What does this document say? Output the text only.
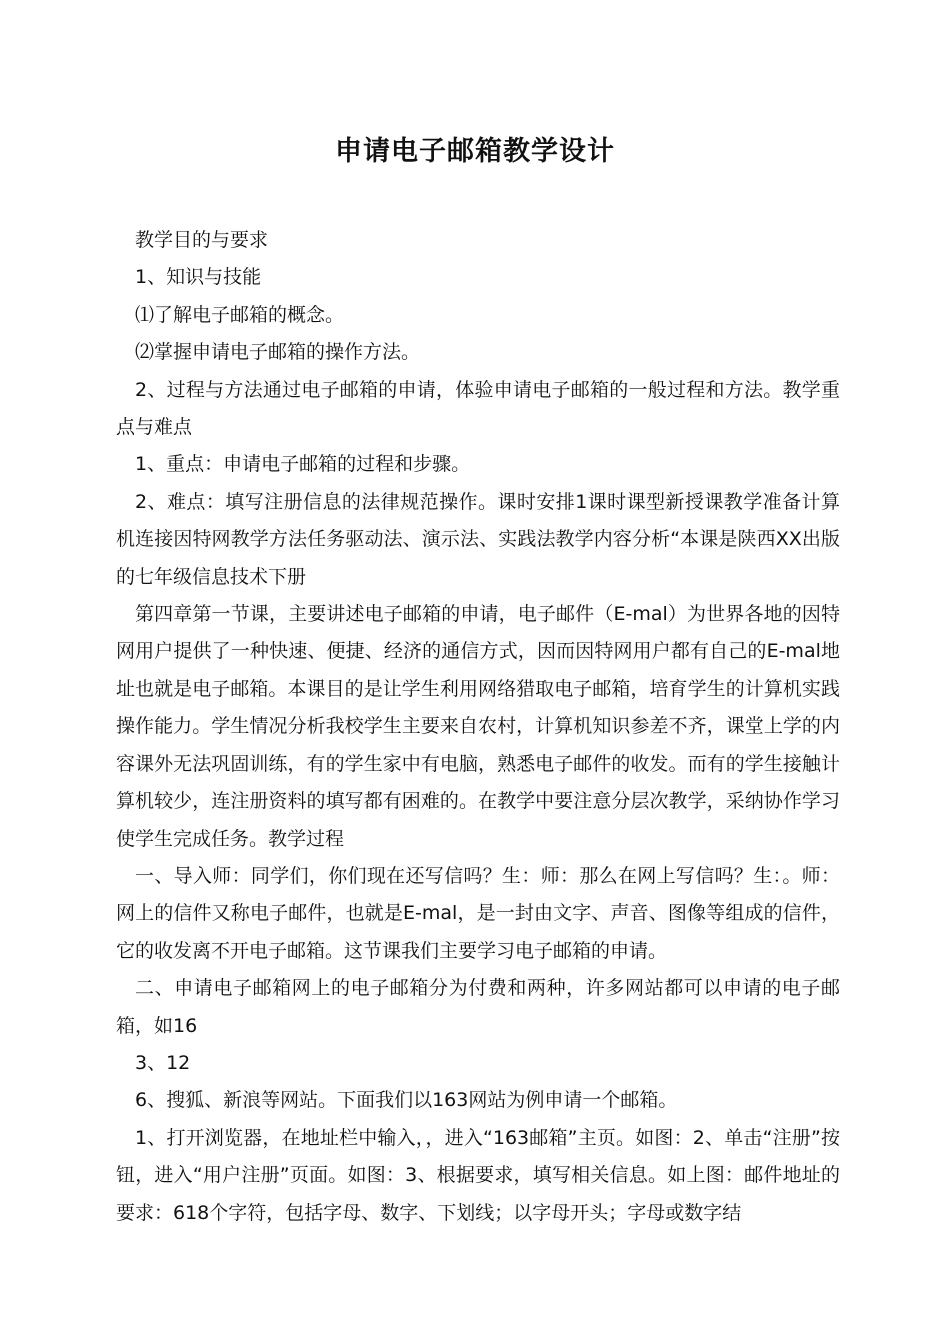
申请电子邮箱教学设计

教学目的与要求

1、知识与技能

⑴了解电子邮箱的概念。

⑵掌握申请电子邮箱的操作方法。

2、过程与方法通过电子邮箱的申请，体验申请电子邮箱的一般过程和方法。教学重点与难点

1、重点：申请电子邮箱的过程和步骤。

2、难点：填写注册信息的法律规范操作。课时安排1课时课型新授课教学准备计算机连接因特网教学方法任务驱动法、演示法、实践法教学内容分析“本课是陕西XX出版的七年级信息技术下册

第四章第一节课，主要讲述电子邮箱的申请，电子邮件（E-mal）为世界各地的因特网用户提供了一种快速、便捷、经济的通信方式，因而因特网用户都有自己的E-mal地址也就是电子邮箱。本课目的是让学生利用网络猎取电子邮箱，培育学生的计算机实践操作能力。学生情况分析我校学生主要来自农村，计算机知识参差不齐，课堂上学的内容课外无法巩固训练，有的学生家中有电脑，熟悉电子邮件的收发。而有的学生接触计算机较少，连注册资料的填写都有困难的。在教学中要注意分层次教学，采纳协作学习使学生完成任务。教学过程

一、导入师：同学们，你们现在还写信吗？生：师：那么在网上写信吗？生：。师：网上的信件又称电子邮件，也就是E-mal，是一封由文字、声音、图像等组成的信件，它的收发离不开电子邮箱。这节课我们主要学习电子邮箱的申请。

二、申请电子邮箱网上的电子邮箱分为付费和两种，许多网站都可以申请的电子邮箱，如16

3、12

6、搜狐、新浪等网站。下面我们以163网站为例申请一个邮箱。

1、打开浏览器，在地址栏中输入，，进入“163邮箱”主页。如图：2、单击“注册”按钮，进入“用户注册”页面。如图：3、根据要求，填写相关信息。如上图：邮件地址的要求：618个字符，包括字母、数字、下划线；以字母开头；字母或数字结
